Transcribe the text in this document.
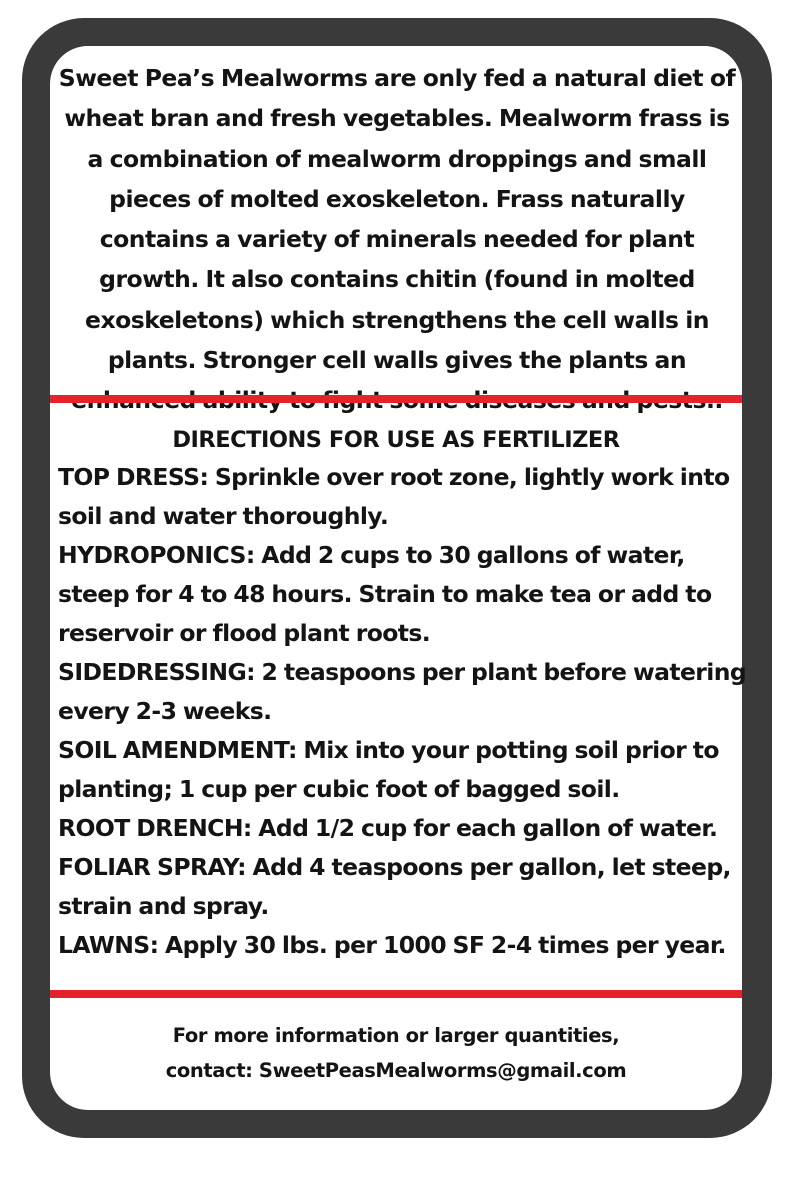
Sweet Pea’s Mealworms are only fed a natural diet of wheat bran and fresh vegetables. Mealworm frass is a combination of mealworm droppings and small pieces of molted exoskeleton. Frass naturally contains a variety of minerals needed for plant growth. It also contains chitin (found in molted exoskeletons) which strengthens the cell walls in plants. Stronger cell walls gives the plants an

DIRECTIONS FOR USE AS FERTILIZER
TOP DRESS: Sprinkle over root zone, lightly work into soil and water thoroughly.
HYDROPONICS: Add 2 cups to 30 gallons of water, steep for 4 to 48 hours. Strain to make tea or add to reservoir or flood plant roots.
SIDEDRESSING: 2 teaspoons per plant before watering every 2-3 weeks.
SOIL AMENDMENT: Mix into your potting soil prior to planting; 1 cup per cubic foot of bagged soil.
ROOT DRENCH: Add 1/2 cup for each gallon of water.
FOLIAR SPRAY: Add 4 teaspoons per gallon, let steep, strain and spray.
LAWNS: Apply 30 lbs. per 1000 SF 2-4 times per year.

For more information or larger quantities,
contact: SweetPeasMealworms@gmail.com
